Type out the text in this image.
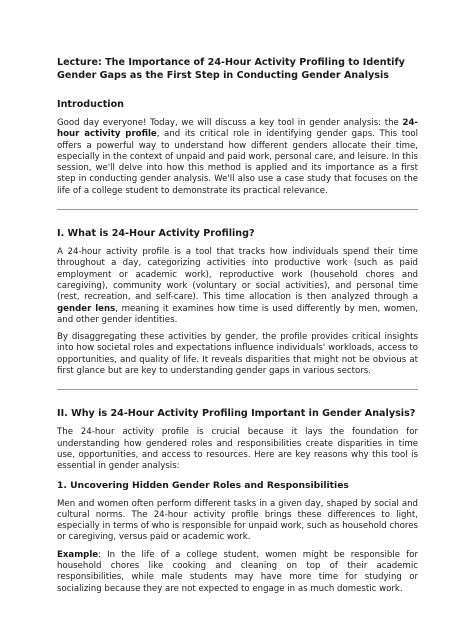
Lecture: The Importance of 24-Hour Activity Profiling to Identify Gender Gaps as the First Step in Conducting Gender Analysis
Introduction

Good day everyone! Today, we will discuss a key tool in gender analysis: the 24-hour activity profile, and its critical role in identifying gender gaps. This tool offers a powerful way to understand how different genders allocate their time, especially in the context of unpaid and paid work, personal care, and leisure. In this session, we'll delve into how this method is applied and its importance as a first step in conducting gender analysis. We'll also use a case study that focuses on the life of a college student to demonstrate its practical relevance.

I. What is 24-Hour Activity Profiling?

A 24-hour activity profile is a tool that tracks how individuals spend their time throughout a day, categorizing activities into productive work (such as paid employment or academic work), reproductive work (household chores and caregiving), community work (voluntary or social activities), and personal time (rest, recreation, and self-care). This time allocation is then analyzed through a gender lens, meaning it examines how time is used differently by men, women, and other gender identities.

By disaggregating these activities by gender, the profile provides critical insights into how societal roles and expectations influence individuals' workloads, access to opportunities, and quality of life. It reveals disparities that might not be obvious at first glance but are key to understanding gender gaps in various sectors.

II. Why is 24-Hour Activity Profiling Important in Gender Analysis?

The 24-hour activity profile is crucial because it lays the foundation for understanding how gendered roles and responsibilities create disparities in time use, opportunities, and access to resources. Here are key reasons why this tool is essential in gender analysis:

1. Uncovering Hidden Gender Roles and Responsibilities

Men and women often perform different tasks in a given day, shaped by social and cultural norms. The 24-hour activity profile brings these differences to light, especially in terms of who is responsible for unpaid work, such as household chores or caregiving, versus paid or academic work.

Example: In the life of a college student, women might be responsible for household chores like cooking and cleaning on top of their academic responsibilities, while male students may have more time for studying or socializing because they are not expected to engage in as much domestic work.
